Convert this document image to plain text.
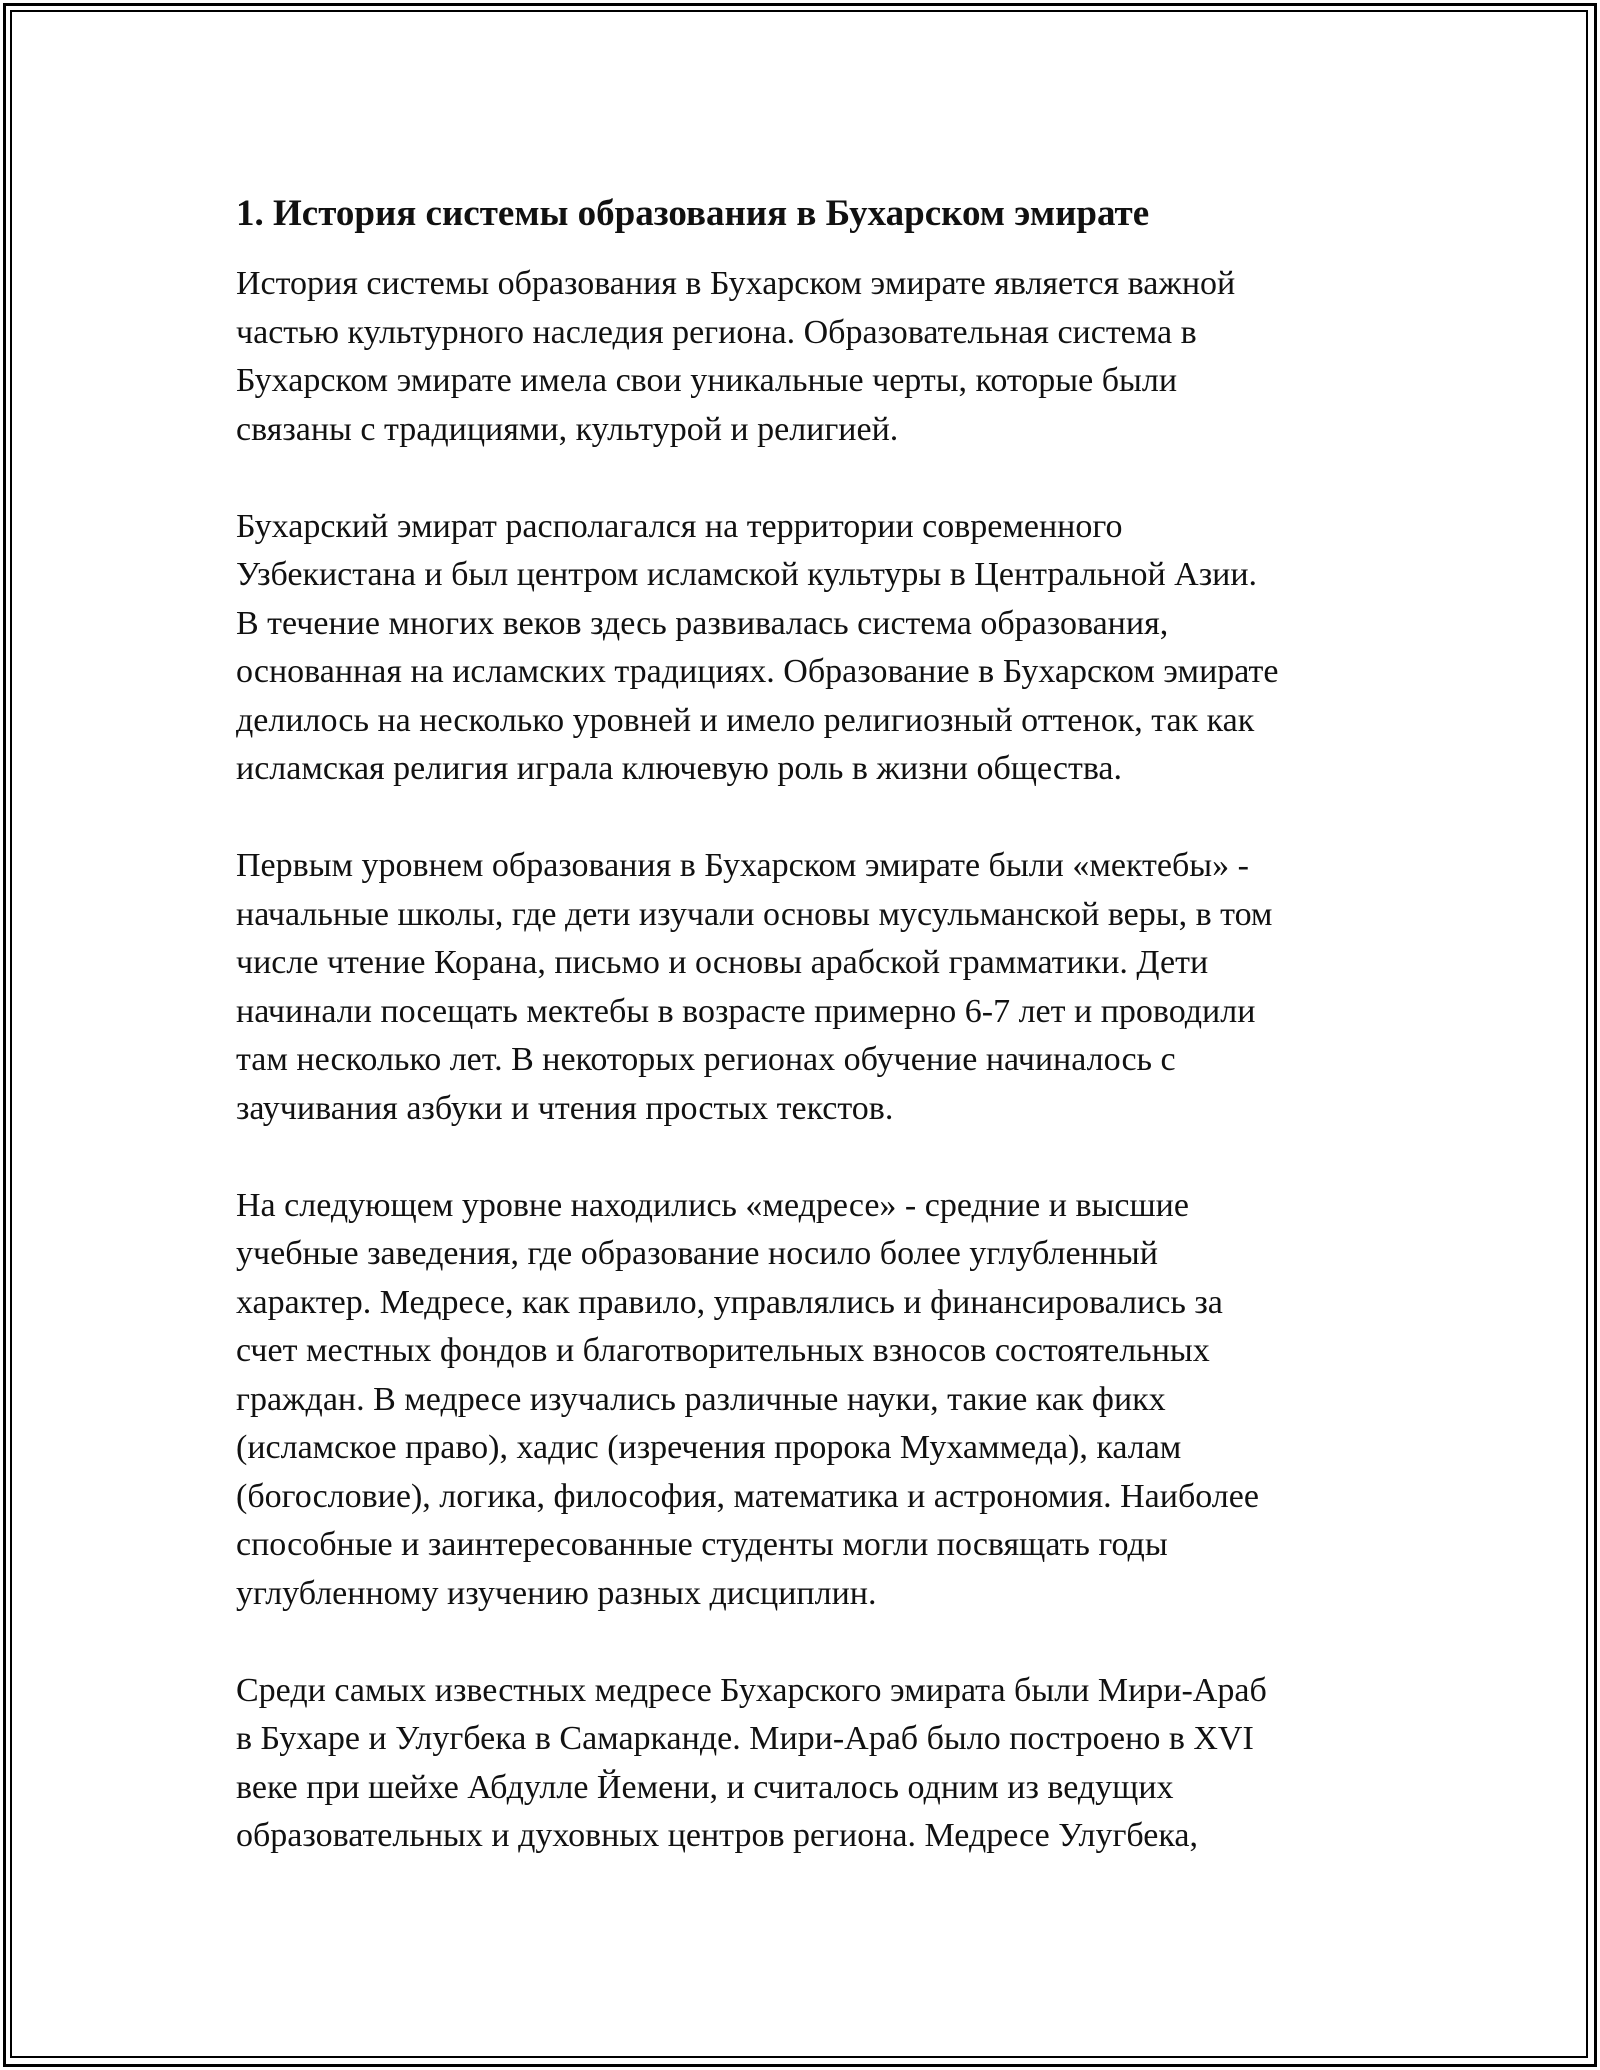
1. История системы образования в Бухарском эмирате

История системы образования в Бухарском эмирате является важной
частью культурного наследия региона. Образовательная система в
Бухарском эмирате имела свои уникальные черты, которые были
связаны с традициями, культурой и религией.

Бухарский эмират располагался на территории современного
Узбекистана и был центром исламской культуры в Центральной Азии.
В течение многих веков здесь развивалась система образования,
основанная на исламских традициях. Образование в Бухарском эмирате
делилось на несколько уровней и имело религиозный оттенок, так как
исламская религия играла ключевую роль в жизни общества.

Первым уровнем образования в Бухарском эмирате были «мектебы» -
начальные школы, где дети изучали основы мусульманской веры, в том
числе чтение Корана, письмо и основы арабской грамматики. Дети
начинали посещать мектебы в возрасте примерно 6-7 лет и проводили
там несколько лет. В некоторых регионах обучение начиналось с
заучивания азбуки и чтения простых текстов.

На следующем уровне находились «медресе» - средние и высшие
учебные заведения, где образование носило более углубленный
характер. Медресе, как правило, управлялись и финансировались за
счет местных фондов и благотворительных взносов состоятельных
граждан. В медресе изучались различные науки, такие как фикх
(исламское право), хадис (изречения пророка Мухаммеда), калам
(богословие), логика, философия, математика и астрономия. Наиболее
способные и заинтересованные студенты могли посвящать годы
углубленному изучению разных дисциплин.

Среди самых известных медресе Бухарского эмирата были Мири-Араб
в Бухаре и Улугбека в Самарканде. Мири-Араб было построено в XVI
веке при шейхе Абдулле Йемени, и считалось одним из ведущих
образовательных и духовных центров региона. Медресе Улугбека,
